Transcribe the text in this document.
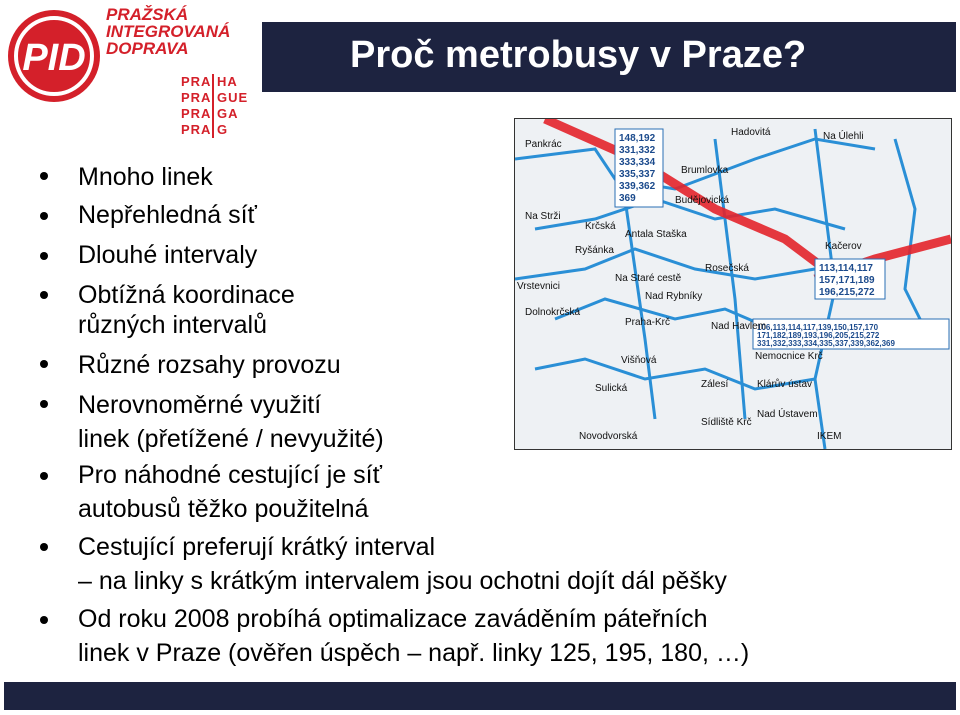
PID
PRAŽSKÁ
INTEGROVANÁ
DOPRAVA
PRA HA
PRA GUE
PRA GA
PRA G
Proč metrobusy v Praze?
148,192
331,332
333,334
335,337
339,362
369
113,114,117
157,171,189
196,215,272
106,113,114,117,139,150,157,170
171,182,189,193,196,205,215,272
331,332,333,334,335,337,339,362,369
Pankrác
Na Strži
Krčská
Antala Staška
Ryšánka
Vrstevnici
Na Staré cestě
Budějovická
Brumlovka
Hadovitá	Na Úlehli
Kačerov
Rosečská
Nad Rybníky
Dolnokrčská
Praha-Krč	Nad Havlem
Nemocnice Krč
Višňová
Sulická	Zálesí	Klárův ústav
Sídliště Krč
Nad Ústavem
IKEM
Novodvorská
Mnoho linek
Nepřehledná síť
Dlouhé intervaly
Obtížná koordinace
různých intervalů
Různé rozsahy provozu
Nerovnoměrné využití
linek (přetížené / nevyužité)
Pro náhodné cestující je síť
autobusů těžko použitelná
Cestující preferují krátký interval
– na linky s krátkým intervalem jsou ochotni dojít dál pěšky
Od roku 2008 probíhá optimalizace zaváděním páteřních
linek v Praze (ověřen úspěch – např. linky 125, 195, 180, …)
